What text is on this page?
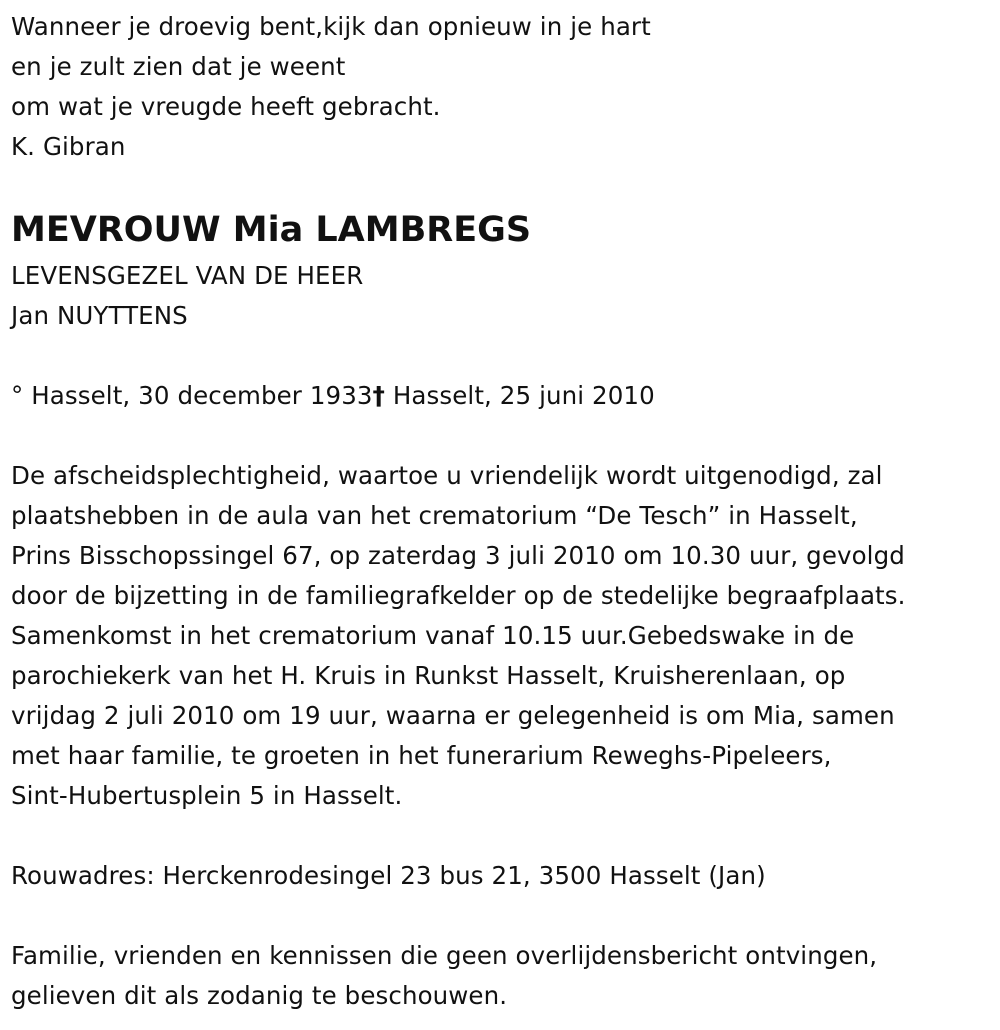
Wanneer je droevig bent,kijk dan opnieuw in je hart
en je zult zien dat je weent
om wat je vreugde heeft gebracht.
K. Gibran
MEVROUW Mia LAMBREGS
LEVENSGEZEL VAN DE HEER
Jan NUYTTENS
° Hasselt, 30 december 1933† Hasselt, 25 juni 2010
De afscheidsplechtigheid, waartoe u vriendelijk wordt uitgenodigd, zal
plaatshebben in de aula van het crematorium “De Tesch” in Hasselt,
Prins Bisschopssingel 67, op zaterdag 3 juli 2010 om 10.30 uur, gevolgd
door de bijzetting in de familiegrafkelder op de stedelijke begraafplaats.
Samenkomst in het crematorium vanaf 10.15 uur.Gebedswake in de
parochiekerk van het H. Kruis in Runkst Hasselt, Kruisherenlaan, op
vrijdag 2 juli 2010 om 19 uur, waarna er gelegenheid is om Mia, samen
met haar familie, te groeten in het funerarium Reweghs-Pipeleers,
Sint-Hubertusplein 5 in Hasselt.
Rouwadres: Herckenrodesingel 23 bus 21, 3500 Hasselt (Jan)
Familie, vrienden en kennissen die geen overlijdensbericht ontvingen,
gelieven dit als zodanig te beschouwen.
